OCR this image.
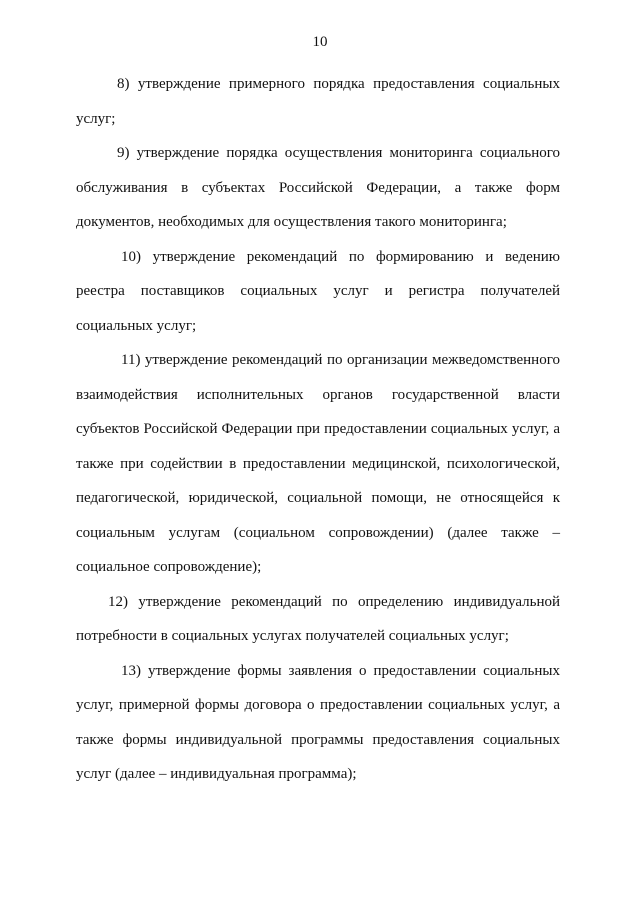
10

8) утверждение примерного порядка предоставления социальных
услуг;

9) утверждение порядка осуществления мониторинга социального
обслуживания в субъектах Российской Федерации, а также форм
документов, необходимых для осуществления такого мониторинга;

10) утверждение рекомендаций по формированию и ведению
реестра поставщиков социальных услуг и регистра получателей
социальных услуг;

11) утверждение рекомендаций по организации межведомственного
взаимодействия исполнительных органов государственной власти
субъектов Российской Федерации при предоставлении социальных услуг, а
также при содействии в предоставлении медицинской, психологической,
педагогической, юридической, социальной помощи, не относящейся к
социальным услугам (социальном сопровождении) (далее также –
социальное сопровождение);

12) утверждение рекомендаций по определению индивидуальной
потребности в социальных услугах получателей социальных услуг;

13) утверждение формы заявления о предоставлении социальных
услуг, примерной формы договора о предоставлении социальных услуг, а
также формы индивидуальной программы предоставления социальных
услуг (далее – индивидуальная программа);
